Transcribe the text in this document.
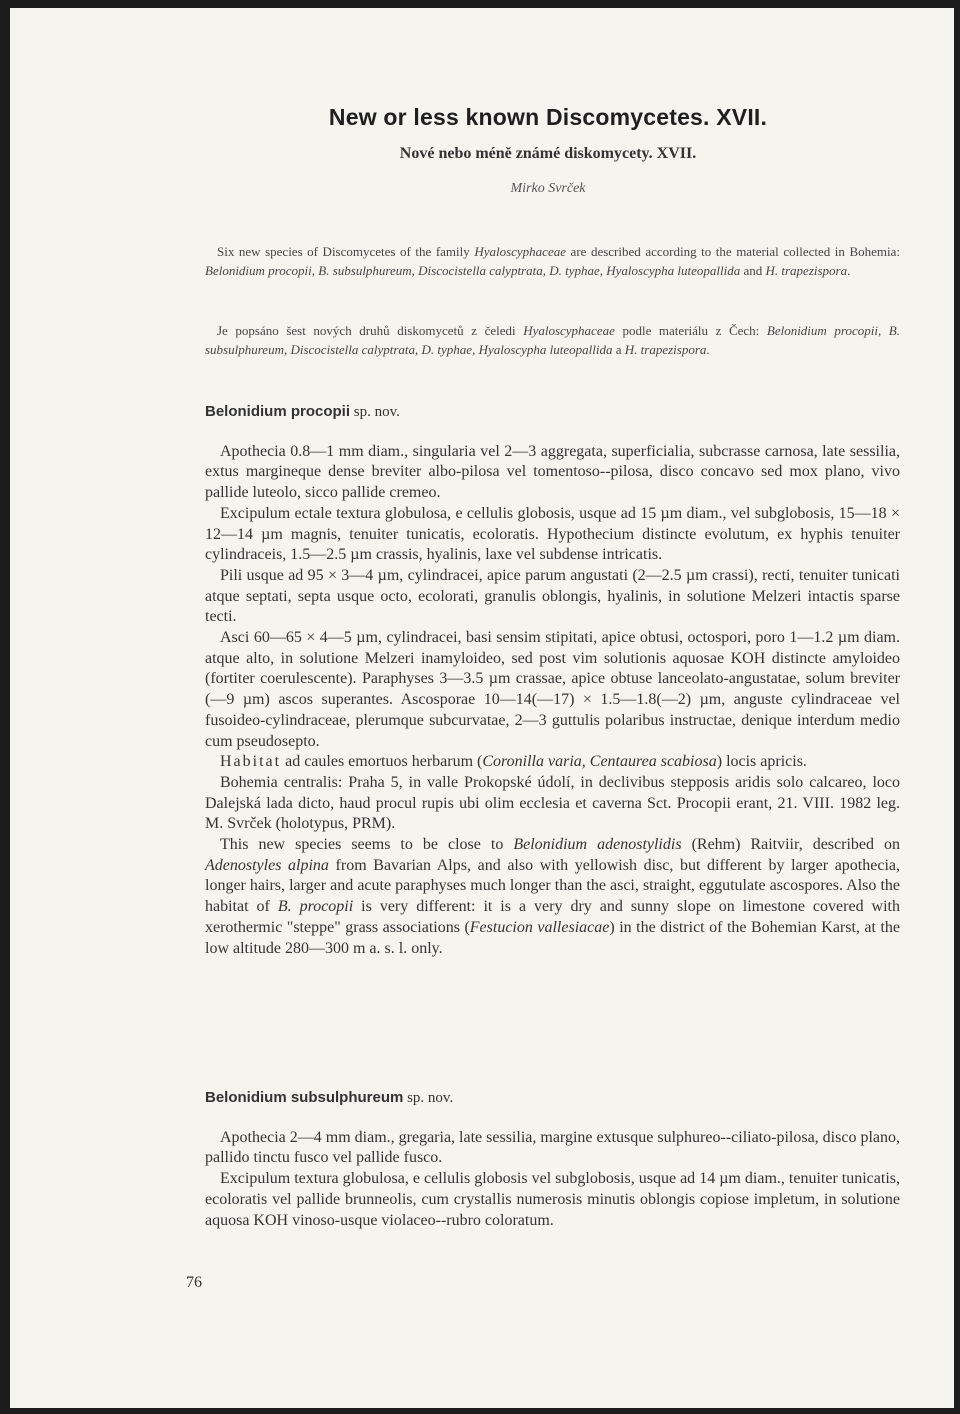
New or less known Discomycetes. XVII.
Nové nebo méně známé diskomycety. XVII.
Mirko Svrček

Six new species of Discomycetes of the family Hyaloscyphaceae are described according to the material collected in Bohemia: Belonidium procopii, B. subsulphureum, Discocistella calyptrata, D. typhae, Hyaloscypha luteopallida and H. trapezispora.

Je popsáno šest nových druhů diskomycetů z čeledi Hyaloscyphaceae podle materiálu z Čech: Belonidium procopii, B. subsulphureum, Discocistella calyptrata, D. typhae, Hyaloscypha luteopallida a H. trapezispora.

Belonidium procopii sp. nov.

Apothecia 0.8—1 mm diam., singularia vel 2—3 aggregata, superficialia, subcrasse carnosa, late sessilia, extus margineque dense breviter albo-pilosa vel tomentoso--pilosa, disco concavo sed mox plano, vivo pallide luteolo, sicco pallide cremeo.

Excipulum ectale textura globulosa, e cellulis globosis, usque ad 15 µm diam., vel subglobosis, 15—18 × 12—14 µm magnis, tenuiter tunicatis, ecoloratis. Hypothecium distincte evolutum, ex hyphis tenuiter cylindraceis, 1.5—2.5 µm crassis, hyalinis, laxe vel subdense intricatis.

Pili usque ad 95 × 3—4 µm, cylindracei, apice parum angustati (2—2.5 µm crassi), recti, tenuiter tunicati atque septati, septa usque octo, ecolorati, granulis oblongis, hyalinis, in solutione Melzeri intactis sparse tecti.

Asci 60—65 × 4—5 µm, cylindracei, basi sensim stipitati, apice obtusi, octospori, poro 1—1.2 µm diam. atque alto, in solutione Melzeri inamyloideo, sed post vim solutionis aquosae KOH distincte amyloideo (fortiter coerulescente). Paraphyses 3—3.5 µm crassae, apice obtuse lanceolato-angustatae, solum breviter (—9 µm) ascos superantes. Ascosporae 10—14(—17) × 1.5—1.8(—2) µm, anguste cylindraceae vel fusoideo-cylindraceae, plerumque subcurvatae, 2—3 guttulis polaribus instructae, denique interdum medio cum pseudosepto.

Habitat ad caules emortuos herbarum (Coronilla varia, Centaurea scabiosa) locis apricis.

Bohemia centralis: Praha 5, in valle Prokopské údolí, in declivibus stepposis aridis solo calcareo, loco Dalejská lada dicto, haud procul rupis ubi olim ecclesia et caverna Sct. Procopii erant, 21. VIII. 1982 leg. M. Svrček (holotypus, PRM).

This new species seems to be close to Belonidium adenostylidis (Rehm) Raitviir, described on Adenostyles alpina from Bavarian Alps, and also with yellowish disc, but different by larger apothecia, longer hairs, larger and acute paraphyses much longer than the asci, straight, eggutulate ascospores. Also the habitat of B. procopii is very different: it is a very dry and sunny slope on limestone covered with xerothermic "steppe" grass associations (Festucion vallesiacae) in the district of the Bohemian Karst, at the low altitude 280—300 m a. s. l. only.

Belonidium subsulphureum sp. nov.

Apothecia 2—4 mm diam., gregaria, late sessilia, margine extusque sulphureo--ciliato-pilosa, disco plano, pallido tinctu fusco vel pallide fusco.

Excipulum textura globulosa, e cellulis globosis vel subglobosis, usque ad 14 µm diam., tenuiter tunicatis, ecoloratis vel pallide brunneolis, cum crystallis numerosis minutis oblongis copiose impletum, in solutione aquosa KOH vinoso-usque violaceo--rubro coloratum.

76
